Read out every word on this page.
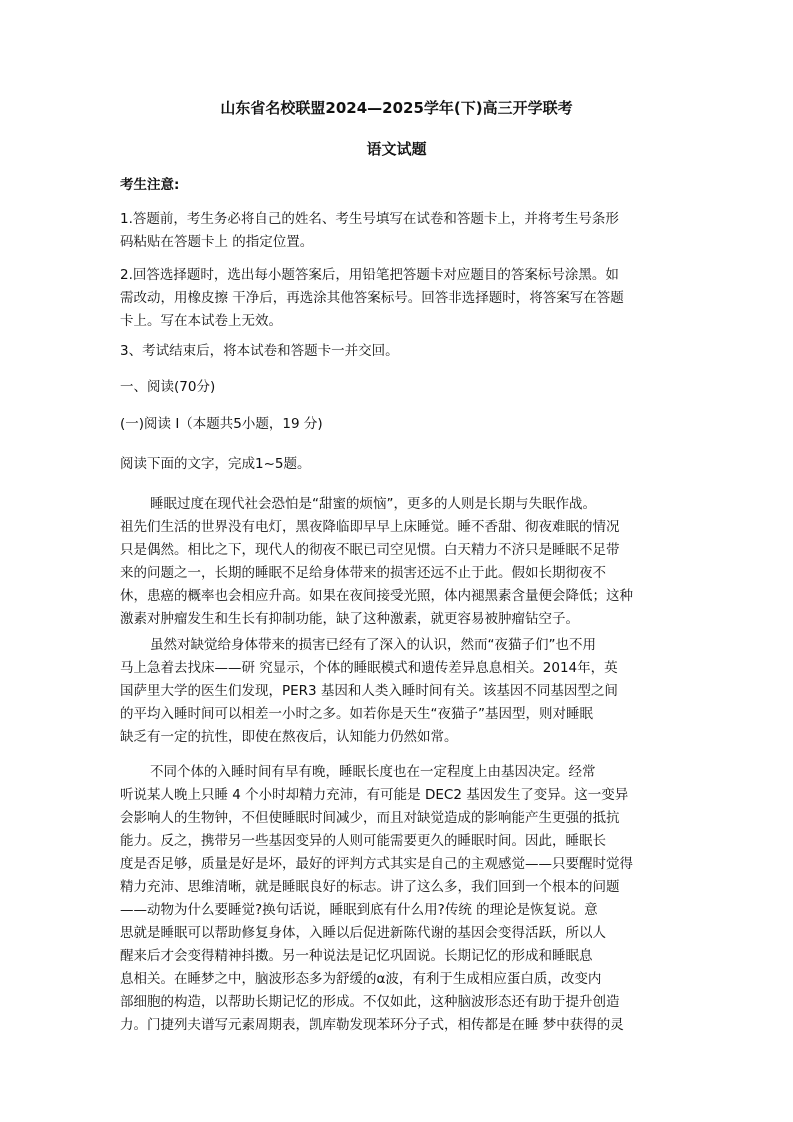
山东省名校联盟2024—2025学年(下)高三开学联考
语文试题
考生注意:
1.答题前，考生务必将自己的姓名、考生号填写在试卷和答题卡上，并将考生号条形
码粘贴在答题卡上 的指定位置。
2.回答选择题时，选出每小题答案后，用铅笔把答题卡对应题目的答案标号涂黑。如
需改动，用橡皮擦 干净后，再选涂其他答案标号。回答非选择题时，将答案写在答题
卡上。写在本试卷上无效。
3、考试结束后，将本试卷和答题卡一并交回。
一、阅读(70分)
(一)阅读 I（本题共5小题，19 分)
阅读下面的文字，完成1~5题。
睡眠过度在现代社会恐怕是“甜蜜的烦恼”，更多的人则是长期与失眠作战。
祖先们生活的世界没有电灯，黑夜降临即早早上床睡觉。睡不香甜、彻夜难眠的情况
只是偶然。相比之下，现代人的彻夜不眠已司空见惯。白天精力不济只是睡眠不足带
来的问题之一，长期的睡眠不足给身体带来的损害还远不止于此。假如长期彻夜不
休，患癌的概率也会相应升高。如果在夜间接受光照，体内褪黑素含量便会降低；这种
激素对肿瘤发生和生长有抑制功能，缺了这种激素，就更容易被肿瘤钻空子。
虽然对缺觉给身体带来的损害已经有了深入的认识，然而“夜猫子们”也不用
马上急着去找床——研 究显示，个体的睡眠模式和遗传差异息息相关。2014年，英
国萨里大学的医生们发现，PER3 基因和人类入睡时间有关。该基因不同基因型之间
的平均入睡时间可以相差一小时之多。如若你是天生“夜猫子”基因型，则对睡眠
缺乏有一定的抗性，即使在熬夜后，认知能力仍然如常。
不同个体的入睡时间有早有晚，睡眠长度也在一定程度上由基因决定。经常
听说某人晚上只睡 4 个小时却精力充沛，有可能是 DEC2 基因发生了变异。这一变异
会影响人的生物钟，不但使睡眠时间减少，而且对缺觉造成的影响能产生更强的抵抗
能力。反之，携带另一些基因变异的人则可能需要更久的睡眠时间。因此，睡眠长
度是否足够，质量是好是坏，最好的评判方式其实是自己的主观感觉——只要醒时觉得
精力充沛、思维清晰，就是睡眠良好的标志。讲了这么多，我们回到一个根本的问题
——动物为什么要睡觉?换句话说，睡眠到底有什么用?传统 的理论是恢复说。意
思就是睡眠可以帮助修复身体，入睡以后促进新陈代谢的基因会变得活跃，所以人
醒来后才会变得精神抖擞。另一种说法是记忆巩固说。长期记忆的形成和睡眠息
息相关。在睡梦之中，脑波形态多为舒缓的α波，有利于生成相应蛋白质，改变内
部细胞的构造，以帮助长期记忆的形成。不仅如此，这种脑波形态还有助于提升创造
力。门捷列夫谱写元素周期表，凯库勒发现苯环分子式，相传都是在睡 梦中获得的灵
